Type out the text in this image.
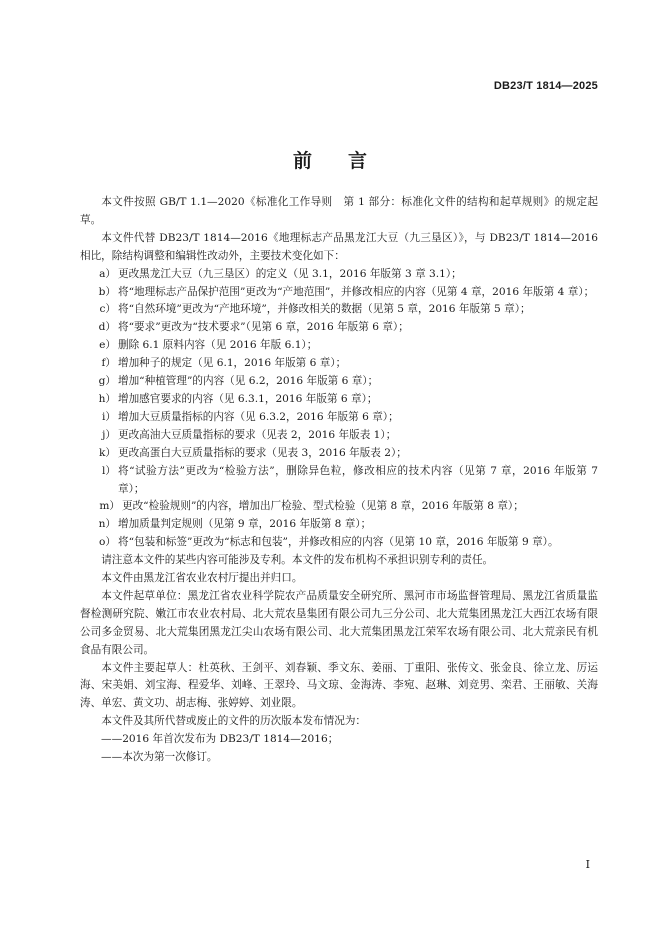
DB23/T 1814—2025
前 言

本文件按照 GB/T 1.1—2020《标准化工作导则　第 1 部分：标准化文件的结构和起草规则》的规定起草。

本文件代替 DB23/T 1814—2016《地理标志产品黑龙江大豆（九三垦区）》，与 DB23/T 1814—2016 相比，除结构调整和编辑性改动外，主要技术变化如下：

a） 更改黑龙江大豆（九三垦区）的定义（见 3.1，2016 年版第 3 章 3.1）；
b） 将“地理标志产品保护范围”更改为“产地范围”，并修改相应的内容（见第 4 章，2016 年版第 4 章）；
c） 将“自然环境”更改为“产地环境”，并修改相关的数据（见第 5 章，2016 年版第 5 章）；
d） 将“要求”更改为“技术要求”（见第 6 章，2016 年版第 6 章）；
e） 删除 6.1 原料内容（见 2016 年版 6.1）；
f） 增加种子的规定（见 6.1，2016 年版第 6 章）；
g） 增加“种植管理”的内容（见 6.2，2016 年版第 6 章）；
h） 增加感官要求的内容（见 6.3.1，2016 年版第 6 章）；
i） 增加大豆质量指标的内容（见 6.3.2，2016 年版第 6 章）；
j） 更改高油大豆质量指标的要求（见表 2，2016 年版表 1）；
k） 更改高蛋白大豆质量指标的要求（见表 3，2016 年版表 2）；
l） 将“试验方法”更改为“检验方法”，删除异色粒，修改相应的技术内容（见第 7 章，2016 年版第 7 章）；
m） 更改“检验规则”的内容，增加出厂检验、型式检验（见第 8 章，2016 年版第 8 章）；
n） 增加质量判定规则（见第 9 章，2016 年版第 8 章）；
o） 将“包装和标签”更改为“标志和包装”，并修改相应的内容（见第 10 章，2016 年版第 9 章）。

请注意本文件的某些内容可能涉及专利。本文件的发布机构不承担识别专利的责任。

本文件由黑龙江省农业农村厅提出并归口。

本文件起草单位：黑龙江省农业科学院农产品质量安全研究所、黑河市市场监督管理局、黑龙江省质量监督检测研究院、嫩江市农业农村局、北大荒农垦集团有限公司九三分公司、北大荒集团黑龙江大西江农场有限公司多金贸易、北大荒集团黑龙江尖山农场有限公司、北大荒集团黑龙江荣军农场有限公司、北大荒亲民有机食品有限公司。

本文件主要起草人：杜英秋、王剑平、刘春颖、季文东、姜丽、丁重阳、张传文、张金良、徐立龙、厉运海、宋美娟、刘宝海、程爱华、刘峰、王翠玲、马文琼、金海涛、李宛、赵琳、刘竞男、栾君、王丽敏、关海涛、单宏、黄文功、胡志梅、张婷婷、刘业限。

本文件及其所代替或废止的文件的历次版本发布情况为：

——2016 年首次发布为 DB23/T 1814—2016；

——本次为第一次修订。

I
